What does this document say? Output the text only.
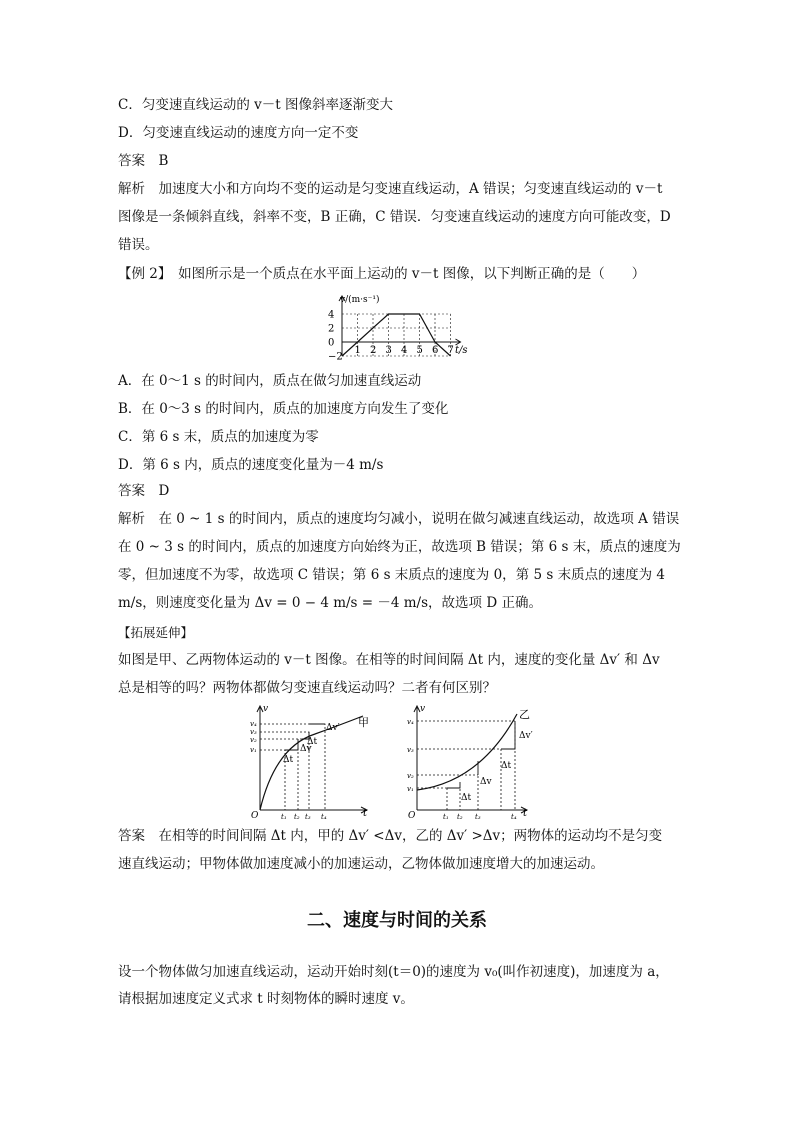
C．匀变速直线运动的 v－t 图像斜率逐渐变大
D．匀变速直线运动的速度方向一定不变
答案　B
解析　加速度大小和方向均不变的运动是匀变速直线运动，A 错误；匀变速直线运动的 v－t
图像是一条倾斜直线，斜率不变，B 正确，C 错误．匀变速直线运动的速度方向可能改变，D
错误。
【例 2】　如图所示是一个质点在水平面上运动的 v－t 图像，以下判断正确的是（　　）
v/(m·s⁻¹)
t/s
−2
0
2
4
1 2 3 4 5 6 7
A．在 0～1 s 的时间内，质点在做匀加速直线运动
B．在 0～3 s 的时间内，质点的加速度方向发生了变化
C．第 6 s 末，质点的加速度为零
D．第 6 s 内，质点的速度变化量为－4 m/s
答案　D
解析　在 0 ~ 1 s 的时间内，质点的速度均匀减小，说明在做匀减速直线运动，故选项 A 错误
在 0 ~ 3 s 的时间内，质点的加速度方向始终为正，故选项 B 错误；第 6 s 末，质点的速度为
零，但加速度不为零，故选项 C 错误；第 6 s 末质点的速度为 0，第 5 s 末质点的速度为 4
m/s，则速度变化量为 Δv = 0 − 4 m/s = －4 m/s，故选项 D 正确。
【拓展延伸】
如图是甲、乙两物体运动的 v－t 图像。在相等的时间间隔 Δt 内，速度的变化量 Δv′ 和 Δv
总是相等的吗？两物体都做匀变速直线运动吗？二者有何区别？
甲
v
t
O
v₄
v₃
v₂
v₁
t₁ t₂ t₃ t₄
Δv′
Δt
Δv
Δt
乙
v
t
O
v₄
v₃
v₂
v₁
t₁ t₂ t₃	t₄
Δv′
Δt
Δv
Δt
答案　在相等的时间间隔 Δt 内，甲的 Δv′ <Δv，乙的 Δv′ >Δv；两物体的运动均不是匀变
速直线运动；甲物体做加速度减小的加速运动，乙物体做加速度增大的加速运动。
二、速度与时间的关系
设一个物体做匀加速直线运动，运动开始时刻(t＝0)的速度为 v₀(叫作初速度)，加速度为 a，
请根据加速度定义式求 t 时刻物体的瞬时速度 v。
